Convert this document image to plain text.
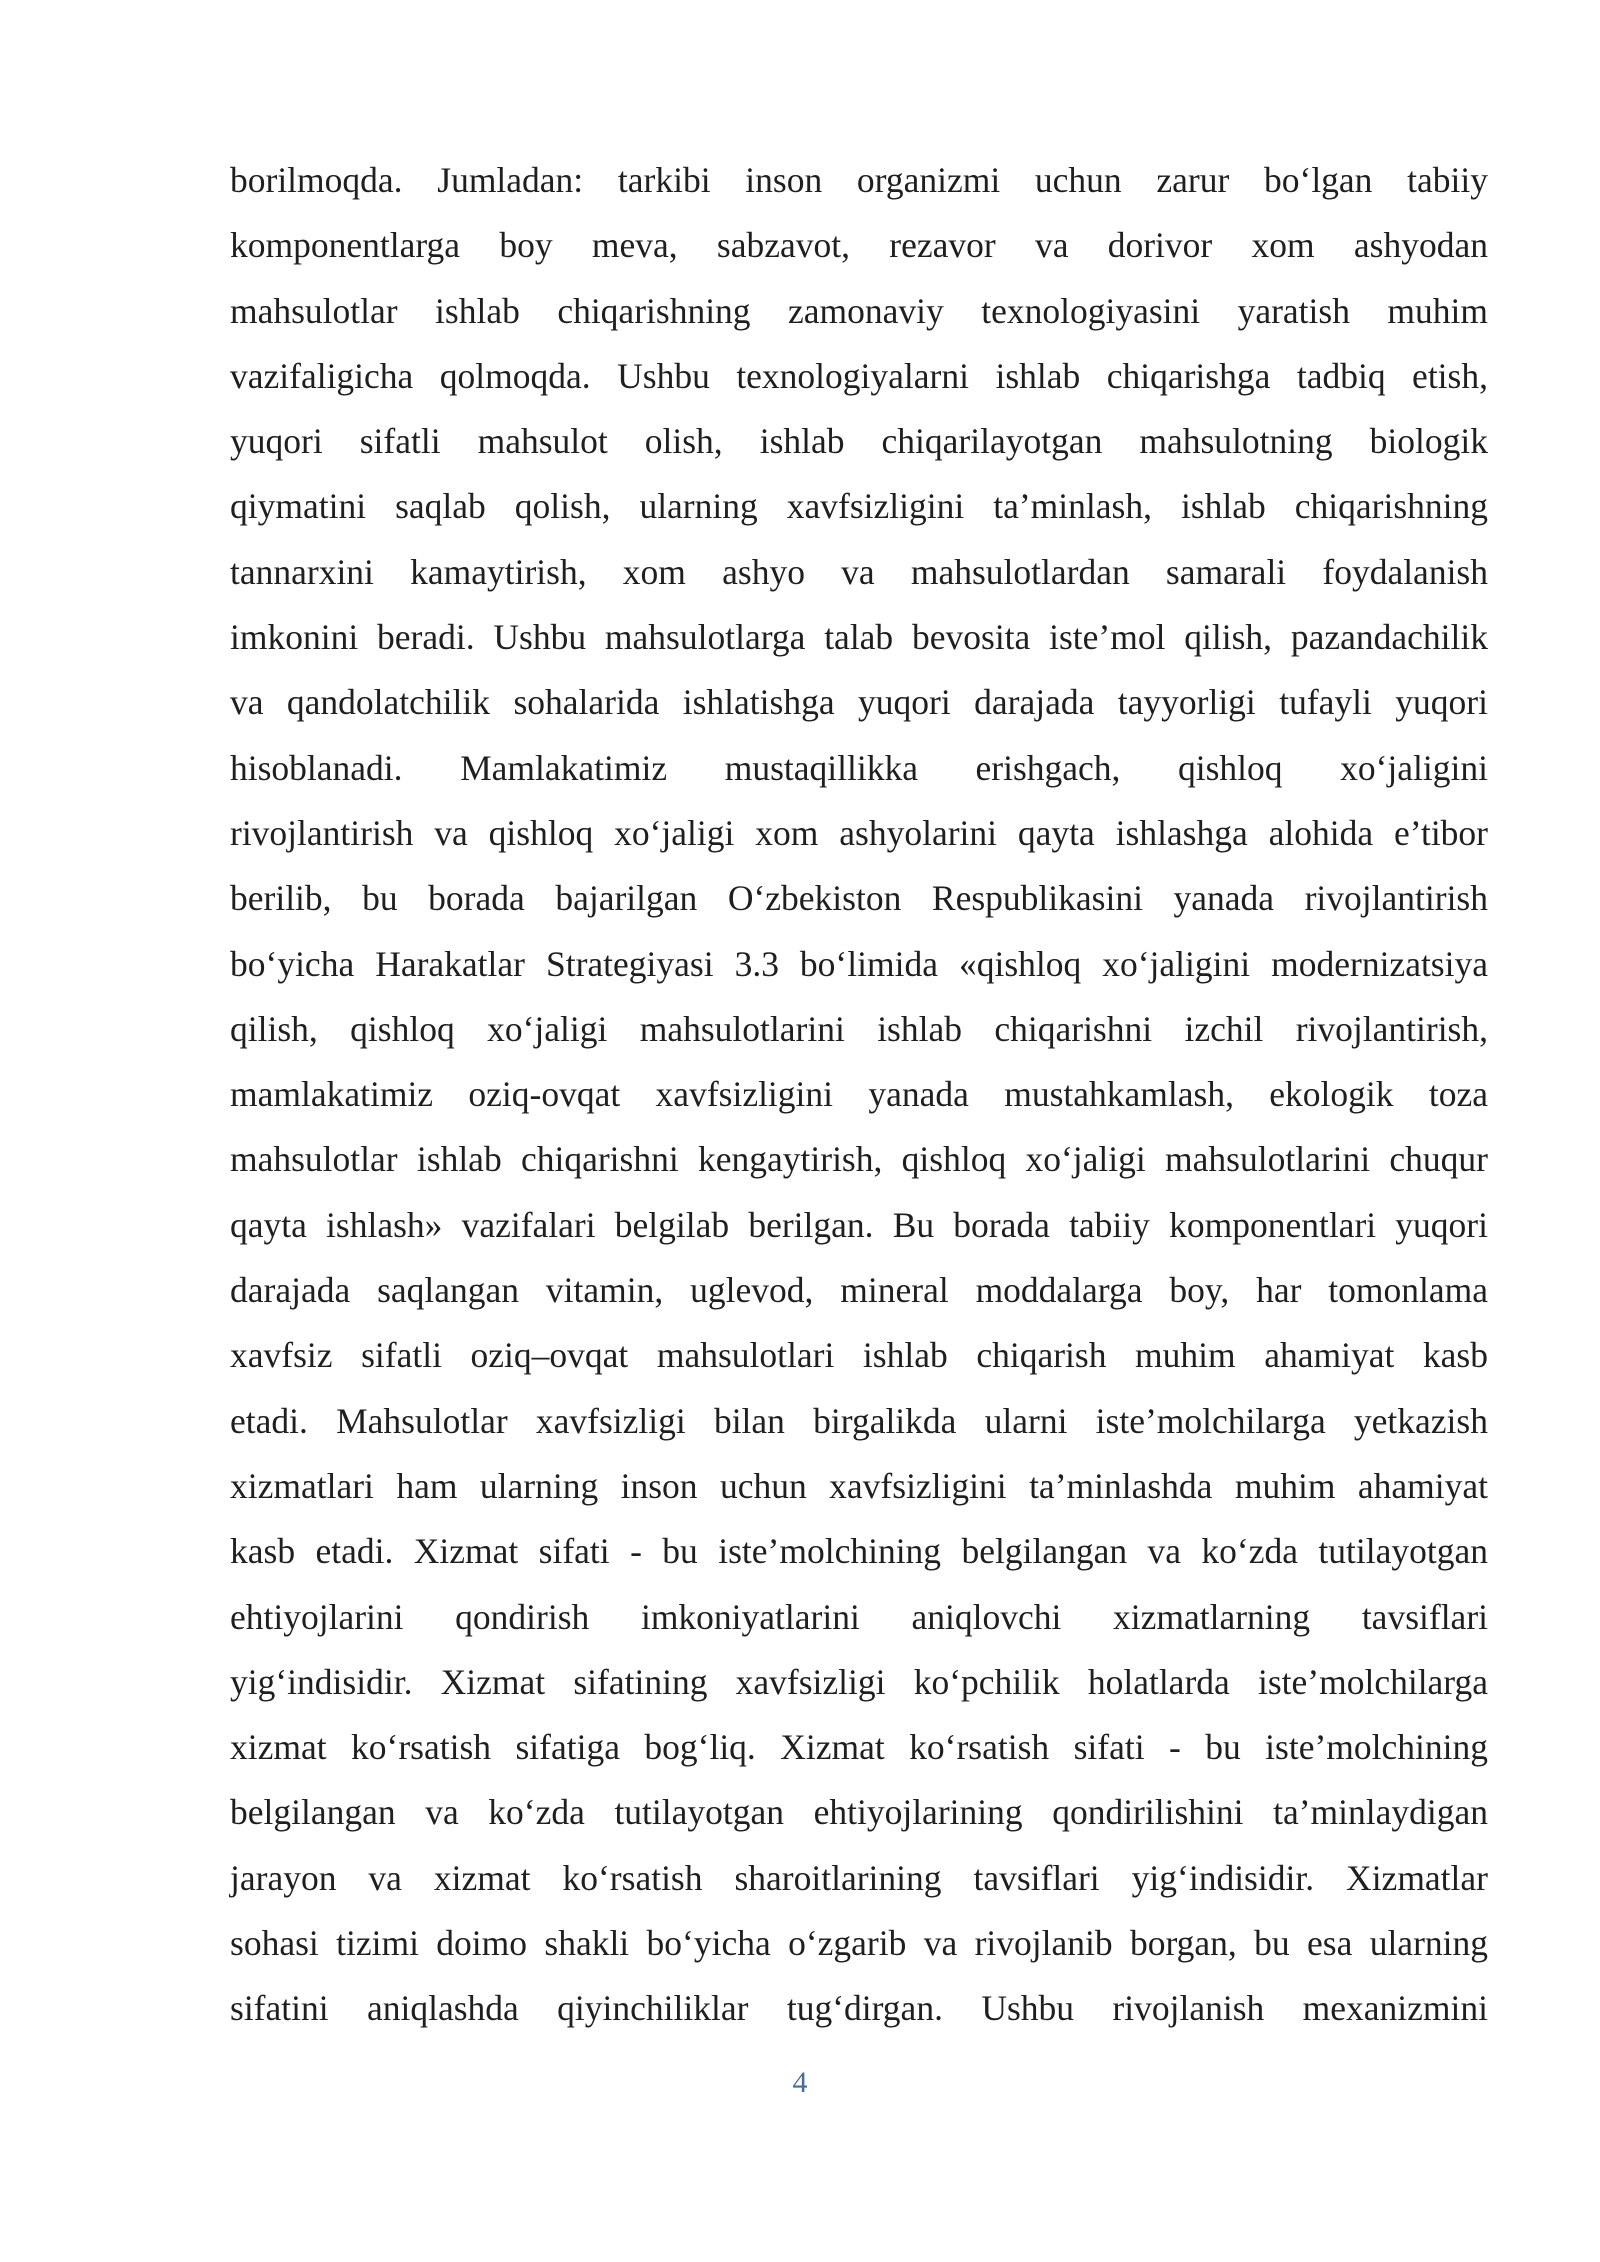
borilmoqda. Jumladan: tarkibi inson organizmi uchun zarur bo‘lgan tabiiy
komponentlarga boy meva, sabzavot, rezavor va dorivor xom ashyodan
mahsulotlar ishlab chiqarishning zamonaviy texnologiyasini yaratish muhim
vazifaligicha qolmoqda. Ushbu texnologiyalarni ishlab chiqarishga tadbiq etish,
yuqori sifatli mahsulot olish, ishlab chiqarilayotgan mahsulotning biologik
qiymatini saqlab qolish, ularning xavfsizligini ta’minlash, ishlab chiqarishning
tannarxini kamaytirish, xom ashyo va mahsulotlardan samarali foydalanish
imkonini beradi. Ushbu mahsulotlarga talab bevosita iste’mol qilish, pazandachilik
va qandolatchilik sohalarida ishlatishga yuqori darajada tayyorligi tufayli yuqori
hisoblanadi. Mamlakatimiz mustaqillikka erishgach, qishloq xo‘jaligini
rivojlantirish va qishloq xo‘jaligi xom ashyolarini qayta ishlashga alohida e’tibor
berilib, bu borada bajarilgan O‘zbekiston Respublikasini yanada rivojlantirish
bo‘yicha Harakatlar Strategiyasi 3.3 bo‘limida «qishloq xo‘jaligini modernizatsiya
qilish, qishloq xo‘jaligi mahsulotlarini ishlab chiqarishni izchil rivojlantirish,
mamlakatimiz oziq-ovqat xavfsizligini yanada mustahkamlash, ekologik toza
mahsulotlar ishlab chiqarishni kengaytirish, qishloq xo‘jaligi mahsulotlarini chuqur
qayta ishlash» vazifalari belgilab berilgan. Bu borada tabiiy komponentlari yuqori
darajada saqlangan vitamin, uglevod, mineral moddalarga boy, har tomonlama
xavfsiz sifatli oziq–ovqat mahsulotlari ishlab chiqarish muhim ahamiyat kasb
etadi. Mahsulotlar xavfsizligi bilan birgalikda ularni iste’molchilarga yetkazish
xizmatlari ham ularning inson uchun xavfsizligini ta’minlashda muhim ahamiyat
kasb etadi. Xizmat sifati - bu iste’molchining belgilangan va ko‘zda tutilayotgan
ehtiyojlarini qondirish imkoniyatlarini aniqlovchi xizmatlarning tavsiflari
yig‘indisidir. Xizmat sifatining xavfsizligi ko‘pchilik holatlarda iste’molchilarga
xizmat ko‘rsatish sifatiga bog‘liq. Xizmat ko‘rsatish sifati - bu iste’molchining
belgilangan va ko‘zda tutilayotgan ehtiyojlarining qondirilishini ta’minlaydigan
jarayon va xizmat ko‘rsatish sharoitlarining tavsiflari yig‘indisidir. Xizmatlar
sohasi tizimi doimo shakli bo‘yicha o‘zgarib va rivojlanib borgan, bu esa ularning
sifatini aniqlashda qiyinchiliklar tug‘dirgan. Ushbu rivojlanish mexanizmini
4
